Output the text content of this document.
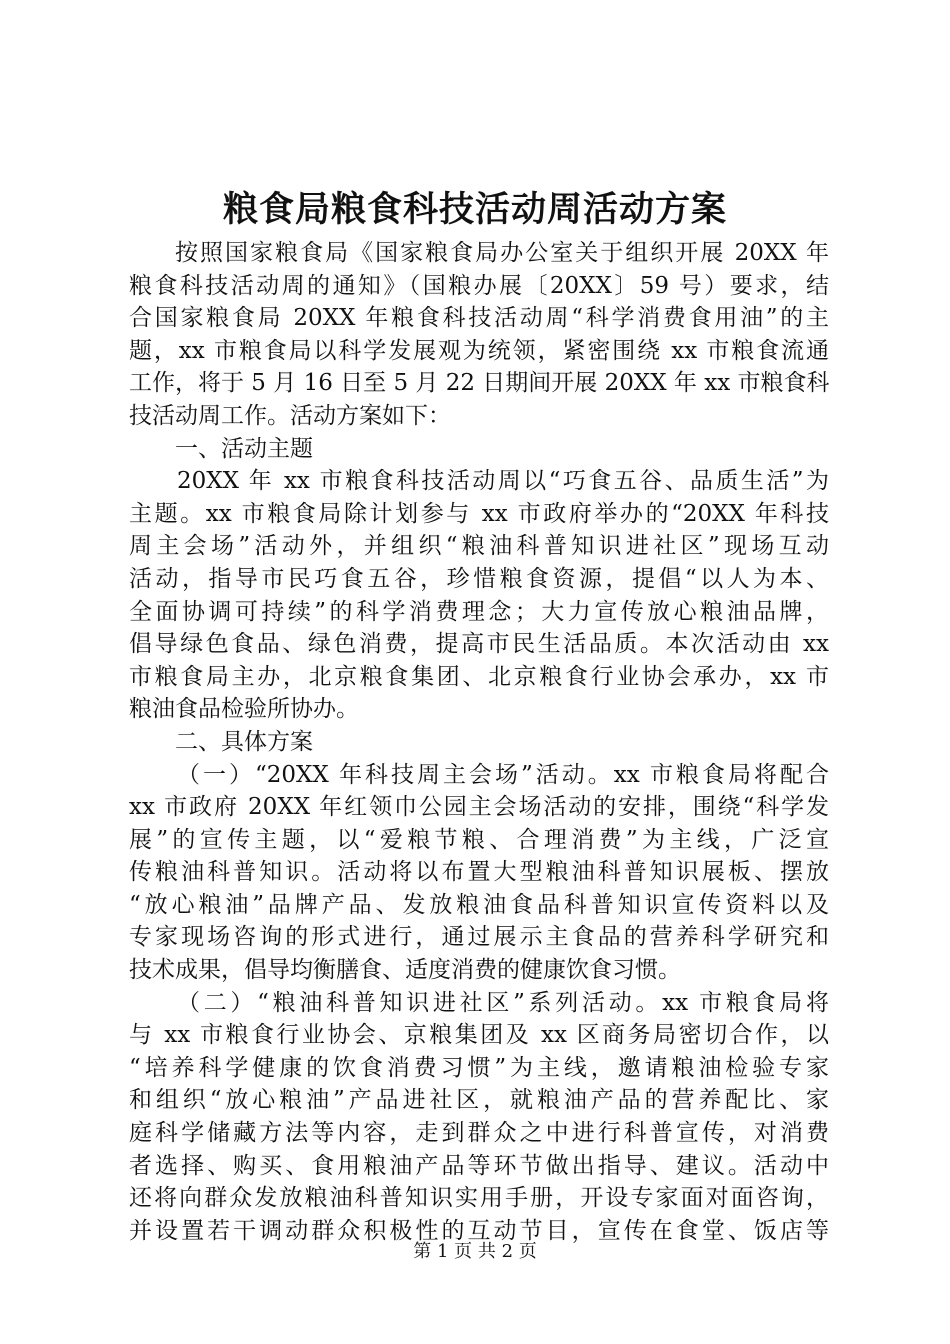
粮食局粮食科技活动周活动方案
按照国家粮食局《国家粮食局办公室关于组织开展 20XX 年
粮食科技活动周的通知》（国粮办展〔20XX〕59 号）要求，结
合国家粮食局 20XX 年粮食科技活动周“科学消费食用油”的主
题，xx 市粮食局以科学发展观为统领，紧密围绕 xx 市粮食流通
工作，将于 5 月 16 日至 5 月 22 日期间开展 20XX 年 xx 市粮食科
技活动周工作。活动方案如下：
一、活动主题
20XX 年 xx 市粮食科技活动周以“巧食五谷、品质生活”为
主题。xx 市粮食局除计划参与 xx 市政府举办的“20XX 年科技
周主会场”活动外，并组织“粮油科普知识进社区”现场互动
活动，指导市民巧食五谷，珍惜粮食资源，提倡“以人为本、
全面协调可持续”的科学消费理念；大力宣传放心粮油品牌，
倡导绿色食品、绿色消费，提高市民生活品质。本次活动由 xx
市粮食局主办，北京粮食集团、北京粮食行业协会承办，xx 市
粮油食品检验所协办。
二、具体方案
（一）“20XX 年科技周主会场”活动。xx 市粮食局将配合
xx 市政府 20XX 年红领巾公园主会场活动的安排，围绕“科学发
展”的宣传主题，以“爱粮节粮、合理消费”为主线，广泛宣
传粮油科普知识。活动将以布置大型粮油科普知识展板、摆放
“放心粮油”品牌产品、发放粮油食品科普知识宣传资料以及
专家现场咨询的形式进行，通过展示主食品的营养科学研究和
技术成果，倡导均衡膳食、适度消费的健康饮食习惯。
（二）“粮油科普知识进社区”系列活动。xx 市粮食局将
与 xx 市粮食行业协会、京粮集团及 xx 区商务局密切合作，以
“培养科学健康的饮食消费习惯”为主线，邀请粮油检验专家
和组织“放心粮油”产品进社区，就粮油产品的营养配比、家
庭科学储藏方法等内容，走到群众之中进行科普宣传，对消费
者选择、购买、食用粮油产品等环节做出指导、建议。活动中
还将向群众发放粮油科普知识实用手册，开设专家面对面咨询，
并设置若干调动群众积极性的互动节目，宣传在食堂、饭店等
第 1 页 共 2 页
